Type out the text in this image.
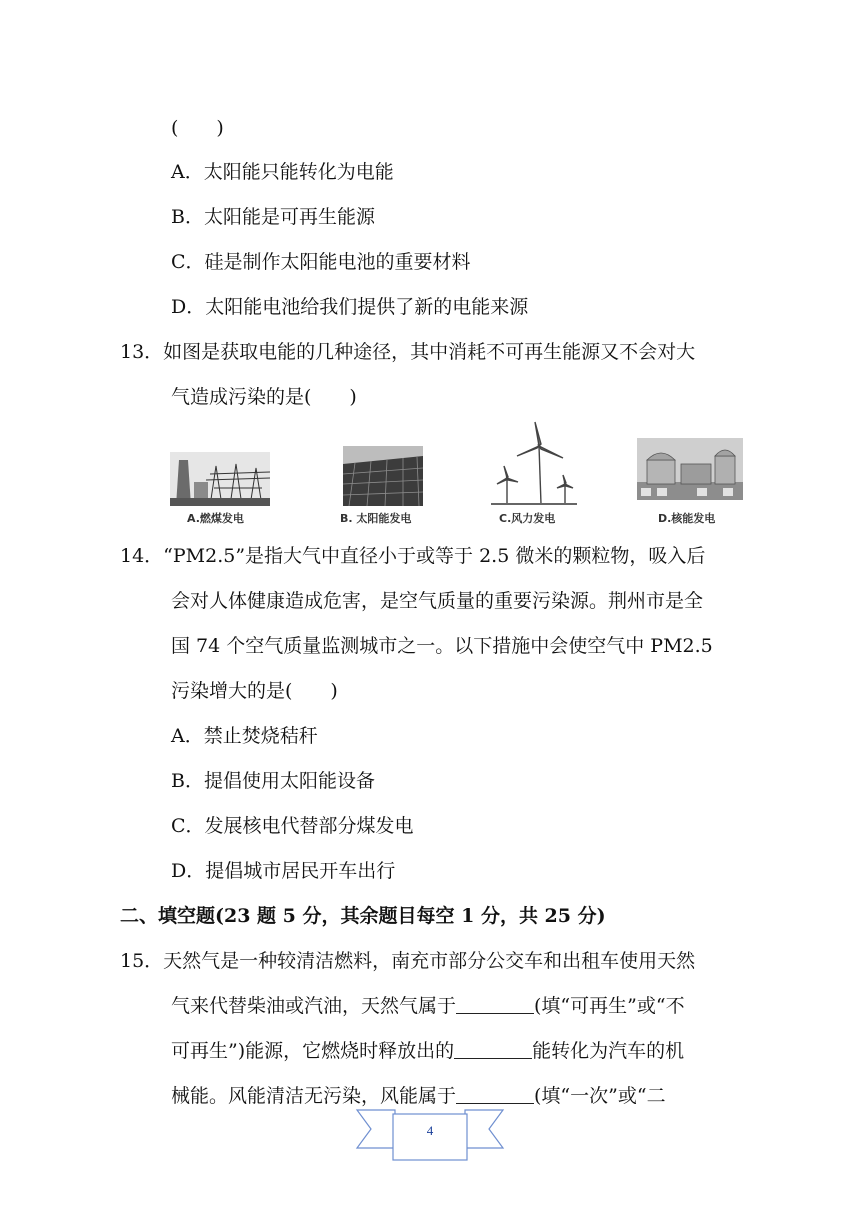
(　　)
A．太阳能只能转化为电能
B．太阳能是可再生能源
C．硅是制作太阳能电池的重要材料
D．太阳能电池给我们提供了新的电能来源
13．如图是获取电能的几种途径，其中消耗不可再生能源又不会对大
气造成污染的是(　　)
A.燃煤发电	B. 太阳能发电	C.风力发电	D.核能发电
14．“PM2.5”是指大气中直径小于或等于 2.5 微米的颗粒物，吸入后
会对人体健康造成危害，是空气质量的重要污染源。荆州市是全
国 74 个空气质量监测城市之一。以下措施中会使空气中 PM2.5
污染增大的是(　　)
A．禁止焚烧秸秆
B．提倡使用太阳能设备
C．发展核电代替部分煤发电
D．提倡城市居民开车出行
二、填空题(23 题 5 分，其余题目每空 1 分，共 25 分)
15．天然气是一种较清洁燃料，南充市部分公交车和出租车使用天然
气来代替柴油或汽油，天然气属于	(填“可再生”或“不
可再生”)能源，它燃烧时释放出的	能转化为汽车的机
械能。风能清洁无污染，风能属于	(填“一次”或“二
4
